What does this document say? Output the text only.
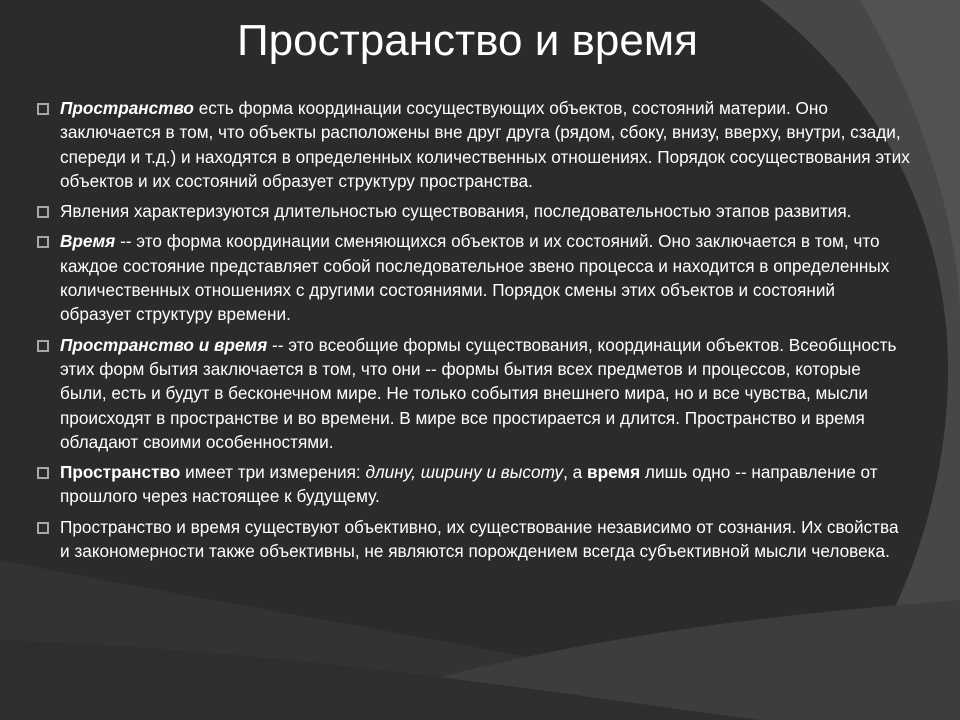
Пространство и время

Пространство есть форма координации сосуществующих объектов, состояний материи. Оно заключается в том, что объекты расположены вне друг друга (рядом, сбоку, внизу, вверху, внутри, сзади, спереди и т.д.) и находятся в определенных количественных отношениях. Порядок сосуществования этих объектов и их состояний образует структуру пространства.

Явления характеризуются длительностью существования, последовательностью этапов развития.

Время -- это форма координации сменяющихся объектов и их состояний. Оно заключается в том, что каждое состояние представляет собой последовательное звено процесса и находится в определенных количественных отношениях с другими состояниями. Порядок смены этих объектов и состояний образует структуру времени.

Пространство и время -- это всеобщие формы существования, координации объектов. Всеобщность этих форм бытия заключается в том, что они -- формы бытия всех предметов и процессов, которые были, есть и будут в бесконечном мире. Не только события внешнего мира, но и все чувства, мысли происходят в пространстве и во времени. В мире все простирается и длится. Пространство и время обладают своими особенностями.

Пространство имеет три измерения: длину, ширину и высоту, а время лишь одно -- направление от прошлого через настоящее к будущему.

Пространство и время существуют объективно, их существование независимо от сознания. Их свойства и закономерности также объективны, не являются порождением всегда субъективной мысли человека.
